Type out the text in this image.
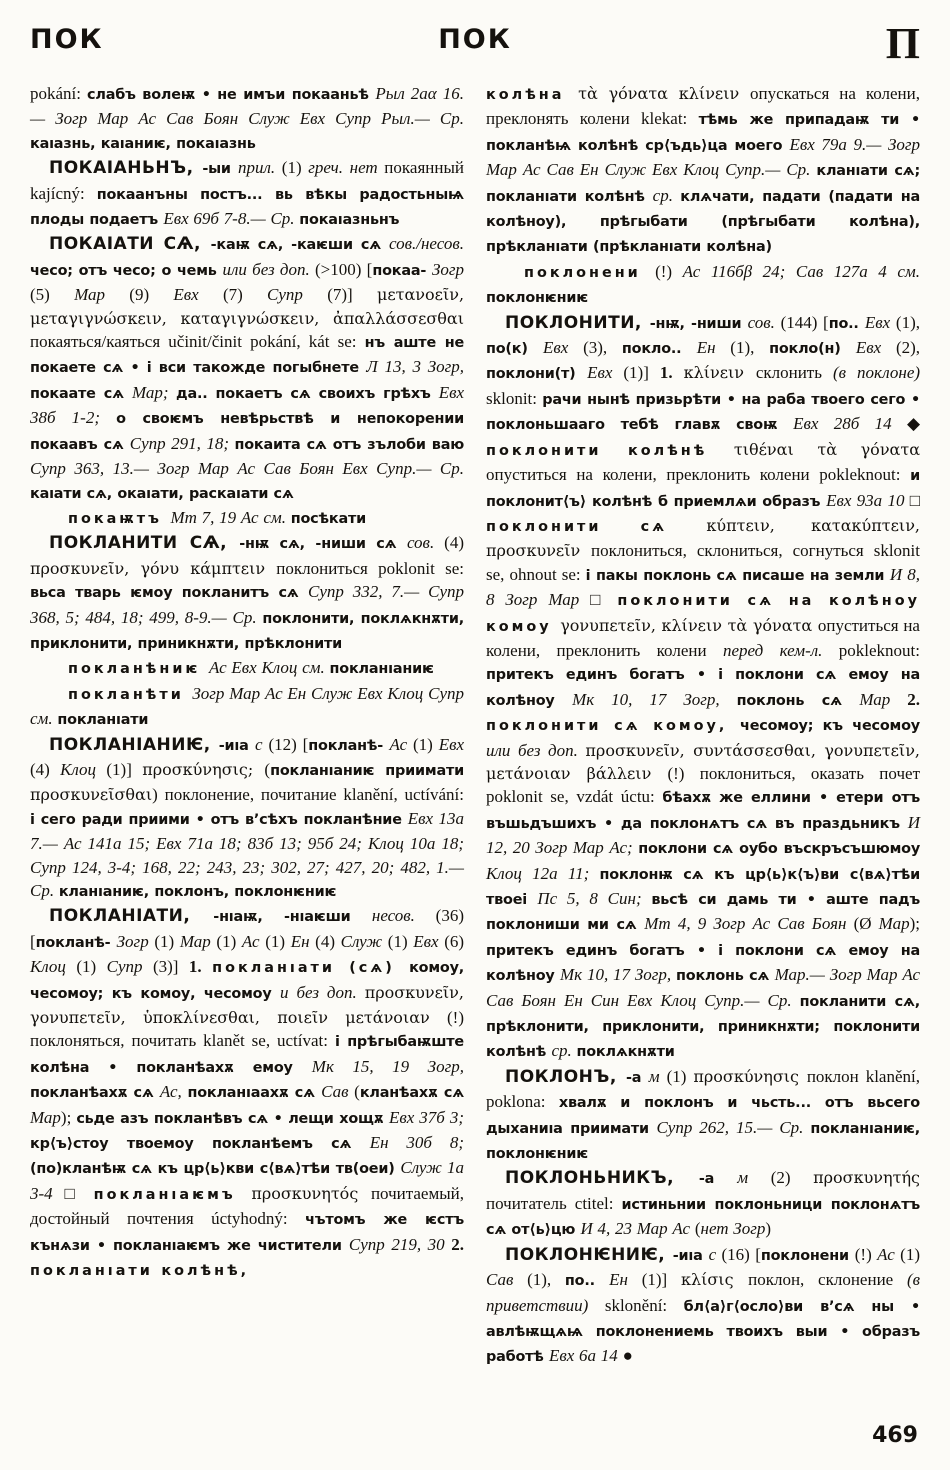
ПОК	ПОК	П

pokání: слабъ волеѭ • не имъи покааньѣ Рыл 2аα 16.— Зогр Мар Ас Сав Боян Служ Евх Супр Рыл.— Ср. каıазнь, каıаниѥ, покаıазнь

ПОКАІАНЬНЪ, -ыи прил. (1) греч. нет покаянный kajícný: покаанъны постъ... вь вѣкы радостьныѩ плоды подаетъ Евх 69б 7-8.— Ср. покаıазньнъ

ПОКАІАТИ СѦ, -каѭ сѧ, -каѥши сѧ сов./несов. чесо; отъ чесо; о чемь или без доп. (>100) [покаа- Зогр (5) Мар (9) Евх (7) Супр (7)] μετανοεῖν, μεταγιγνώσκειν, καταγιγνώσκειν, ἀπαλλάσσεσθαι покаяться/каяться učinit/činit pokání, kát se: нъ аште не покаете сѧ • і вси такожде погыбнете Л 13, 3 Зогр, покаате сѧ Мар; да.. покаетъ сѧ своихъ грѣхъ Евх 38б 1-2; о своѥмъ невѣрьствѣ и непокорении покаавъ сѧ Супр 291, 18; покаита сѧ отъ зълоби ваю Супр 363, 13.— Зогр Мар Ас Сав Боян Евх Супр.— Ср. каıати сѧ, окаıати, раскаıати сѧ

покаѭтъ Мт 7, 19 Ас см. посѣкати

ПОКЛАНИТИ СѦ, -нѭ сѧ, -ниши сѧ сов. (4) προσκυνεῖν, γόνυ κάμπτειν поклониться poklonit se: вьса тварь ѥмоу покланитъ сѧ Супр 332, 7.— Супр 368, 5; 484, 18; 499, 8-9.— Ср. поклонити, поклѧкнѫти, приклонити, приникнѫти, прѣклонити

покланѣниѥ Ас Евх Клоц см. покланıаниѥ

покланѣти Зогр Мар Ас Ен Служ Евх Клоц Супр см. покланıати

ПОКЛАНІАНИѤ, -иıа с (12) [покланѣ- Ас (1) Евх (4) Клоц (1)] προσκύνησις; (покланıаниѥ приимати προσκυνεῖσθαι) поклонение, почитание klanění, uctívání: і сего ради приими • отъ в’сѣхъ покланѣние Евх 13а 7.— Ас 141а 15; Евх 71а 18; 83б 13; 95б 24; Клоц 10а 18; Супр 124, 3-4; 168, 22; 243, 23; 302, 27; 427, 20; 482, 1.— Ср. кланıаниѥ, поклонъ, поклонѥниѥ

ПОКЛАНІАТИ, -нıаѭ, -нıаѥши несов. (36) [покланѣ- Зогр (1) Мар (1) Ас (1) Ен (4) Служ (1) Евх (6) Клоц (1) Супр (3)] 1. покланıати (сѧ) комоу, чесомоу; къ комоу, чесомоу и без доп. προσκυνεῖν, γονυπετεῖν, ὑποκλίνεσθαι, ποιεῖν μετάνοιαν (!) поклоняться, почитать klanět se, uctívat: і прѣгыбаѭште колѣна • покланѣахѫ емоу Мк 15, 19 Зогр, покланѣахѫ сѧ Ас, покланıаахѫ сѧ Сав (кланѣахѫ сѧ Мар); сьде азъ покланѣвъ сѧ • лещи хощѫ Евх 37б 3; кр⟨ъ⟩стоу твоемоу покланѣемъ сѧ Ен 30б 8; (по)кланѣѭ сѧ къ цр⟨ь⟩кви с⟨вѧ⟩тѣи тв(оеи) Служ 1а 3-4 □ покланıаѥмъ προσκυνητός почитаемый, достойный почтения úctyhodný: чътомъ же ѥстъ кънѧзи • покланıаѥмъ же чистители Супр 219, 30 2. покланıати колѣнѣ,

колѣна τὰ γόνατα κλίνειν опускаться на колени, преклонять колени klekat: тѣмь же припадаѭ ти • покланѣѩ колѣнѣ ср⟨ъдь⟩ца моего Евх 79а 9.— Зогр Мар Ас Сав Ен Служ Евх Клоц Супр.— Ср. кланıати сѧ; покланıати колѣнѣ ср. клѧчати, падати (падати на колѣноу), прѣгыбати (прѣгыбати колѣна), прѣкланıати (прѣкланıати колѣна)

поклонени (!) Ас 116бβ 24; Сав 127а 4 см. поклонѥниѥ

ПОКЛОНИТИ, -нѭ, -ниши сов. (144) [по.. Евх (1), по(к) Евх (3), покло.. Ен (1), покло(н) Евх (2), поклони(т) Евх (1)] 1. κλίνειν склонить (в поклоне) sklonit: рачи нынѣ призьрѣти • на раба твоего сего • поклоньшааго тебѣ главѫ своѭ Евх 28б 14 ◆ поклонити колѣнѣ τιθέναι τὰ γόνατα опуститься на колени, преклонить колени pokleknout: и поклонит⟨ъ⟩ колѣнѣ б приемлѧи образъ Евх 93а 10 □ поклонити сѧ κύπτειν, κατακύπτειν, προσκυνεῖν поклониться, склониться, согнуться sklonit se, ohnout se: і пакы поклонь сѧ писаше на земли И 8, 8 Зогр Мар □ поклонити сѧ на колѣноу комоу γονυπετεῖν, κλίνειν τὰ γόνατα опуститься на колени, преклонить колени перед кем-л. pokleknout: притекъ единъ богатъ • і поклони сѧ емоу на колѣноу Мк 10, 17 Зогр, поклонь сѧ Мар 2. поклонити сѧ комоу, чесомоу; къ чесомоу или без доп. προσκυνεῖν, συντάσσεσθαι, γονυπετεῖν, μετάνοιαν βάλλειν (!) поклониться, оказать почет poklonit se, vzdát úctu: бѣахѫ же еллини • етери отъ въшьдъшихъ • да поклонѧтъ сѧ въ праздьникъ И 12, 20 Зогр Мар Ас; поклони сѧ оубо въскръсъшюмоу Клоц 12а 11; поклонѭ сѧ къ цр⟨ь⟩к⟨ъ⟩ви с⟨вѧ⟩тѣи твоеі Пс 5, 8 Син; вьсѣ си дамь ти • аште падъ поклониши ми сѧ Мт 4, 9 Зогр Ас Сав Боян (Ø Мар); притекъ единъ богатъ • і поклони сѧ емоу на колѣноу Мк 10, 17 Зогр, поклонь сѧ Мар.— Зогр Мар Ас Сав Боян Ен Син Евх Клоц Супр.— Ср. покланити сѧ, прѣклонити, приклонити, приникнѫти; поклонити колѣнѣ ср. поклѧкнѫти

ПОКЛОНЪ, -а м (1) προσκύνησις поклон klanění, poklona: хвалѫ и поклонъ и чьсть... отъ вьсего дыханиıа приимати Супр 262, 15.— Ср. покланıаниѥ, поклонѥниѥ

ПОКЛОНЬНИКЪ, -а м (2) προσκυνητής почитатель ctitel: истиньнии поклоньници поклонѧтъ сѧ от⟨ь⟩цю И 4, 23 Мар Ас (нет Зогр)

ПОКЛОНѤНИѤ, -иıа с (16) [поклонени (!) Ас (1) Сав (1), по.. Ен (1)] κλίσις поклон, склонение (в приветствии) sklonění: бл⟨а⟩г⟨осло⟩ви в’сѧ ны • авлѣѭщѧѩ поклонениемь твоихъ выи • образъ работѣ Евх 6а 14 ●

469
